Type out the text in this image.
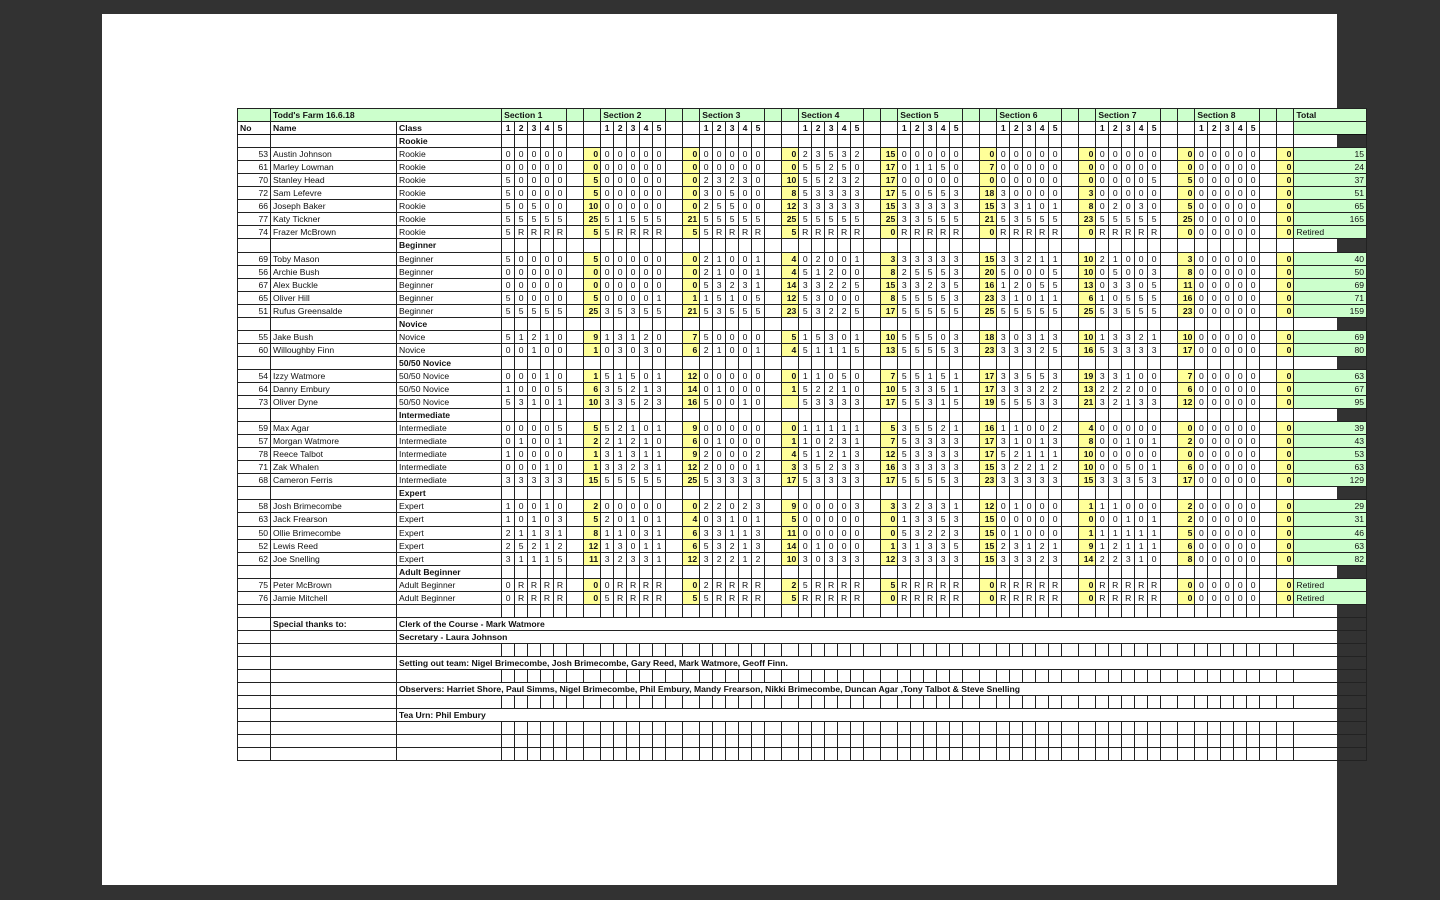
	Todd's Farm 16.6.18		Section 1							Section 2							Section 3							Section 4							Section 5							Section 6							Section 7							Section 8							Total
No	Name	Class	1	2	3	4	5			1	2	3	4	5			1	2	3	4	5			1	2	3	4	5			1	2	3	4	5			1	2	3	4	5			1	2	3	4	5			1	2	3	4	5			
		Rookie																																																									
53	Austin Johnson	Rookie	0	0	0	0	0		0	0	0	0	0	0		0	0	0	0	0	0		0	2	3	5	3	2		15	0	0	0	0	0		0	0	0	0	0	0		0	0	0	0	0	0		0	0	0	0	0	0		0	15
61	Marley Lowman	Rookie	0	0	0	0	0		0	0	0	0	0	0		0	0	0	0	0	0		0	5	5	2	5	0		17	0	1	1	5	0		7	0	0	0	0	0		0	0	0	0	0	0		0	0	0	0	0	0		0	24
70	Stanley Head	Rookie	5	0	0	0	0		5	0	0	0	0	0		0	2	3	2	3	0		10	5	5	2	3	2		17	0	0	0	0	0		0	0	0	0	0	0		0	0	0	0	0	5		5	0	0	0	0	0		0	37
72	Sam Lefevre	Rookie	5	0	0	0	0		5	0	0	0	0	0		0	3	0	5	0	0		8	5	3	3	3	3		17	5	0	5	5	3		18	3	0	0	0	0		3	0	0	0	0	0		0	0	0	0	0	0		0	51
66	Joseph Baker	Rookie	5	0	5	0	0		10	0	0	0	0	0		0	2	5	5	0	0		12	3	3	3	3	3		15	3	3	3	3	3		15	3	3	1	0	1		8	0	2	0	3	0		5	0	0	0	0	0		0	65
77	Katy Tickner	Rookie	5	5	5	5	5		25	5	1	5	5	5		21	5	5	5	5	5		25	5	5	5	5	5		25	3	3	5	5	5		21	5	3	5	5	5		23	5	5	5	5	5		25	0	0	0	0	0		0	165
74	Frazer McBrown	Rookie	5	R	R	R	R		5	5	R	R	R	R		5	5	R	R	R	R		5	R	R	R	R	R		0	R	R	R	R	R		0	R	R	R	R	R		0	R	R	R	R	R		0	0	0	0	0	0		0	Retired
		Beginner																																																									
69	Toby Mason	Beginner	5	0	0	0	0		5	0	0	0	0	0		0	2	1	0	0	1		4	0	2	0	0	1		3	3	3	3	3	3		15	3	3	2	1	1		10	2	1	0	0	0		3	0	0	0	0	0		0	40
56	Archie Bush	Beginner	0	0	0	0	0		0	0	0	0	0	0		0	2	1	0	0	1		4	5	1	2	0	0		8	2	5	5	5	3		20	5	0	0	0	5		10	0	5	0	0	3		8	0	0	0	0	0		0	50
67	Alex Buckle	Beginner	0	0	0	0	0		0	0	0	0	0	0		0	5	3	2	3	1		14	3	3	2	2	5		15	3	3	2	3	5		16	1	2	0	5	5		13	0	3	3	0	5		11	0	0	0	0	0		0	69
65	Oliver Hill	Beginner	5	0	0	0	0		5	0	0	0	0	1		1	1	5	1	0	5		12	5	3	0	0	0		8	5	5	5	5	3		23	3	1	0	1	1		6	1	0	5	5	5		16	0	0	0	0	0		0	71
51	Rufus Greensalde	Beginner	5	5	5	5	5		25	3	5	3	5	5		21	5	3	5	5	5		23	5	3	2	2	5		17	5	5	5	5	5		25	5	5	5	5	5		25	5	3	5	5	5		23	0	0	0	0	0		0	159
		Novice																																																									
55	Jake Bush	Novice	5	1	2	1	0		9	1	3	1	2	0		7	5	0	0	0	0		5	1	5	3	0	1		10	5	5	5	0	3		18	3	0	3	1	3		10	1	3	3	2	1		10	0	0	0	0	0		0	69
60	Willoughby Finn	Novice	0	0	1	0	0		1	0	3	0	3	0		6	2	1	0	0	1		4	5	1	1	1	5		13	5	5	5	5	3		23	3	3	3	2	5		16	5	3	3	3	3		17	0	0	0	0	0		0	80
		50/50 Novice																																																									
54	Izzy Watmore	50/50 Novice	0	0	0	1	0		1	5	1	5	0	1		12	0	0	0	0	0		0	1	1	0	5	0		7	5	5	1	5	1		17	3	3	5	5	3		19	3	3	1	0	0		7	0	0	0	0	0		0	63
64	Danny Embury	50/50 Novice	1	0	0	0	5		6	3	5	2	1	3		14	0	1	0	0	0		1	5	2	2	1	0		10	5	3	3	5	1		17	3	3	3	2	2		13	2	2	2	0	0		6	0	0	0	0	0		0	67
73	Oliver Dyne	50/50 Novice	5	3	1	0	1		10	3	3	5	2	3		16	5	0	0	1	0			5	3	3	3	3		17	5	5	3	1	5		19	5	5	5	3	3		21	3	2	1	3	3		12	0	0	0	0	0		0	95
		Intermediate																																																									
59	Max Agar	Intermediate	0	0	0	0	5		5	5	2	1	0	1		9	0	0	0	0	0		0	1	1	1	1	1		5	3	5	5	2	1		16	1	1	0	0	2		4	0	0	0	0	0		0	0	0	0	0	0		0	39
57	Morgan Watmore	Intermediate	0	1	0	0	1		2	2	1	2	1	0		6	0	1	0	0	0		1	1	0	2	3	1		7	5	3	3	3	3		17	3	1	0	1	3		8	0	0	1	0	1		2	0	0	0	0	0		0	43
78	Reece Talbot	Intermediate	1	0	0	0	0		1	3	1	3	1	1		9	2	0	0	0	2		4	5	1	2	1	3		12	5	3	3	3	3		17	5	2	1	1	1		10	0	0	0	0	0		0	0	0	0	0	0		0	53
71	Zak Whalen	Intermediate	0	0	0	1	0		1	3	3	2	3	1		12	2	0	0	0	1		3	3	5	2	3	3		16	3	3	3	3	3		15	3	2	2	1	2		10	0	0	5	0	1		6	0	0	0	0	0		0	63
68	Cameron Ferris	Intermediate	3	3	3	3	3		15	5	5	5	5	5		25	5	3	3	3	3		17	5	3	3	3	3		17	5	5	5	5	3		23	3	3	3	3	3		15	3	3	3	5	3		17	0	0	0	0	0		0	129
		Expert																																																									
58	Josh Brimecombe	Expert	1	0	0	1	0		2	0	0	0	0	0		0	2	2	0	2	3		9	0	0	0	0	3		3	3	2	3	3	1		12	0	1	0	0	0		1	1	1	0	0	0		2	0	0	0	0	0		0	29
63	Jack Frearson	Expert	1	0	1	0	3		5	2	0	1	0	1		4	0	3	1	0	1		5	0	0	0	0	0		0	1	3	3	5	3		15	0	0	0	0	0		0	0	0	1	0	1		2	0	0	0	0	0		0	31
50	Ollie Brimecombe	Expert	2	1	1	3	1		8	1	1	0	3	1		6	3	3	1	1	3		11	0	0	0	0	0		0	5	3	2	2	3		15	0	1	0	0	0		1	1	1	1	1	1		5	0	0	0	0	0		0	46
52	Lewis Reed	Expert	2	5	2	1	2		12	1	3	0	1	1		6	5	3	2	1	3		14	0	1	0	0	0		1	3	1	3	3	5		15	2	3	1	2	1		9	1	2	1	1	1		6	0	0	0	0	0		0	63
62	Joe Snelling	Expert	3	1	1	1	5		11	3	2	3	3	1		12	3	2	2	1	2		10	3	0	3	3	3		12	3	3	3	3	3		15	3	3	3	2	3		14	2	2	3	1	0		8	0	0	0	0	0		0	82
		Adult Beginner																																																									
75	Peter McBrown	Adult Beginner	0	R	R	R	R		0	0	R	R	R	R		0	2	R	R	R	R		2	5	R	R	R	R		5	R	R	R	R	R		0	R	R	R	R	R		0	R	R	R	R	R		0	0	0	0	0	0		0	Retired
76	Jamie Mitchell	Adult Beginner	0	R	R	R	R		0	5	R	R	R	R		5	5	R	R	R	R		5	R	R	R	R	R		0	R	R	R	R	R		0	R	R	R	R	R		0	R	R	R	R	R		0	0	0	0	0	0		0	Retired

	Special thanks to:	Clerk of the Course - Mark Watmore																																																									
		Secretary - Laura Johnson																																																									

		Setting out team: Nigel Brimecombe, Josh Brimecombe, Gary Reed, Mark Watmore, Geoff Finn.																																																									

		Observers: Harriet Shore, Paul Simms, Nigel Brimecombe, Phil Embury, Mandy Frearson, Nikki Brimecombe, Duncan Agar ,Tony Talbot & Steve Snelling																																																									

		Tea Urn: Phil Embury																																																									
